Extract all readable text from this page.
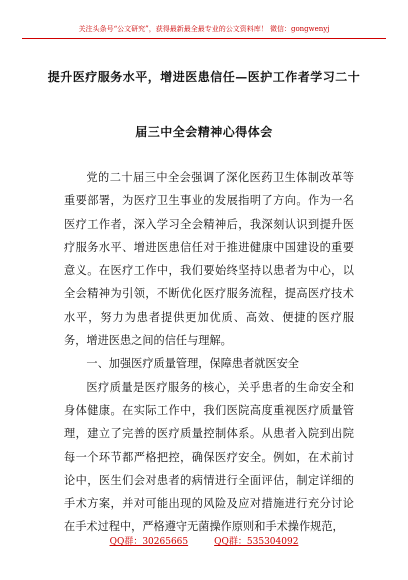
关注头条号“公文研究”，获得最新最全最专业的公文资料库！ 微信：gongwenyj
提升医疗服务水平，增进医患信任—医护工作者学习二十
届三中全会精神心得体会

党的二十届三中全会强调了深化医药卫生体制改革等重要部署，为医疗卫生事业的发展指明了方向。作为一名医疗工作者，深入学习全会精神后，我深刻认识到提升医疗服务水平、增进医患信任对于推进健康中国建设的重要意义。在医疗工作中，我们要始终坚持以患者为中心，以全会精神为引领，不断优化医疗服务流程，提高医疗技术水平，努力为患者提供更加优质、高效、便捷的医疗服务，增进医患之间的信任与理解。

一、加强医疗质量管理，保障患者就医安全

医疗质量是医疗服务的核心，关乎患者的生命安全和身体健康。在实际工作中，我们医院高度重视医疗质量管理，建立了完善的医疗质量控制体系。从患者入院到出院每一个环节都严格把控，确保医疗安全。例如，在术前讨论中，医生们会对患者的病情进行全面评估，制定详细的手术方案，并对可能出现的风险及应对措施进行充分讨论在手术过程中，严格遵守无菌操作原则和手术操作规范，

QQ群：30265665	QQ群：535304092
